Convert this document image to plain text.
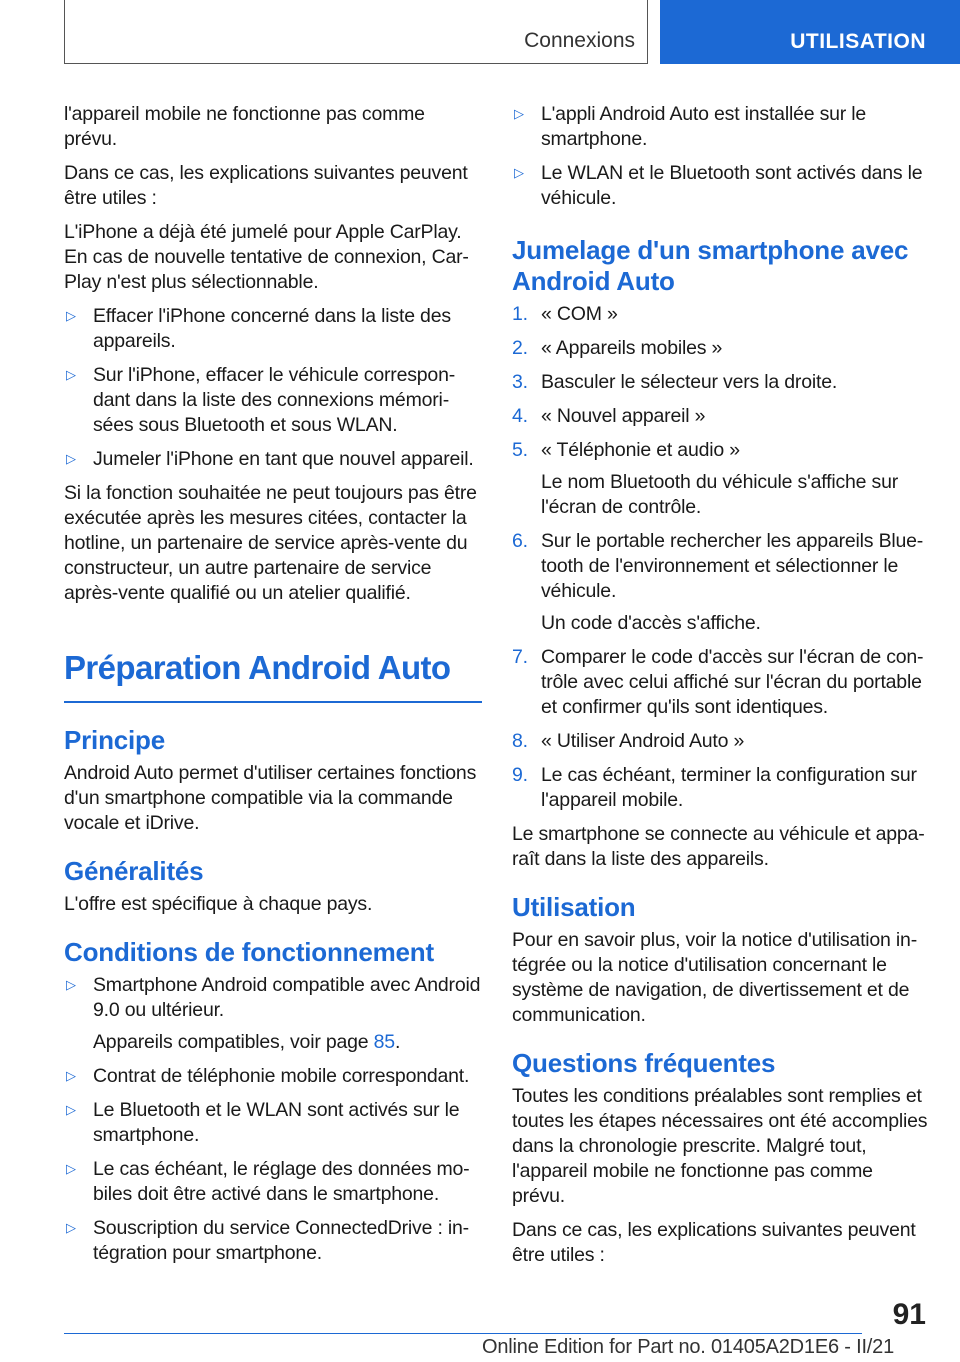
Connexions	UTILISATION

l'appareil mobile ne fonctionne pas comme prévu.

Dans ce cas, les explications suivantes peuvent être utiles :

L'iPhone a déjà été jumelé pour Apple CarPlay. En cas de nouvelle tentative de connexion, CarPlay n'est plus sélectionnable.

▷ Effacer l'iPhone concerné dans la liste des appareils.
▷ Sur l'iPhone, effacer le véhicule correspondant dans la liste des connexions mémorisées sous Bluetooth et sous WLAN.
▷ Jumeler l'iPhone en tant que nouvel appareil.

Si la fonction souhaitée ne peut toujours pas être exécutée après les mesures citées, contacter la hotline, un partenaire de service après-vente du constructeur, un autre partenaire de service après-vente qualifié ou un atelier qualifié.

Préparation Android Auto
Principe

Android Auto permet d'utiliser certaines fonctions d'un smartphone compatible via la commande vocale et iDrive.

Généralités

L'offre est spécifique à chaque pays.

Conditions de fonctionnement
▷ Smartphone Android compatible avec Android 9.0 ou ultérieur.
Appareils compatibles, voir page 85.
▷ Contrat de téléphonie mobile correspondant.
▷ Le Bluetooth et le WLAN sont activés sur le smartphone.
▷ Le cas échéant, le réglage des données mobiles doit être activé dans le smartphone.
▷ Souscription du service ConnectedDrive : intégration pour smartphone.
▷ L'appli Android Auto est installée sur le smartphone.
▷ Le WLAN et le Bluetooth sont activés dans le véhicule.
Jumelage d'un smartphone avec Android Auto
1. « COM »
2. « Appareils mobiles »
3. Basculer le sélecteur vers la droite.
4. « Nouvel appareil »
5. « Téléphonie et audio »
Le nom Bluetooth du véhicule s'affiche sur l'écran de contrôle.
6. Sur le portable rechercher les appareils Bluetooth de l'environnement et sélectionner le véhicule.
Un code d'accès s'affiche.
7. Comparer le code d'accès sur l'écran de contrôle avec celui affiché sur l'écran du portable et confirmer qu'ils sont identiques.
8. « Utiliser Android Auto »
9. Le cas échéant, terminer la configuration sur l'appareil mobile.

Le smartphone se connecte au véhicule et apparaît dans la liste des appareils.

Utilisation

Pour en savoir plus, voir la notice d'utilisation intégrée ou la notice d'utilisation concernant le système de navigation, de divertissement et de communication.

Questions fréquentes

Toutes les conditions préalables sont remplies et toutes les étapes nécessaires ont été accomplies dans la chronologie prescrite. Malgré tout, l'appareil mobile ne fonctionne pas comme prévu.

Dans ce cas, les explications suivantes peuvent être utiles :

91
Online Edition for Part no. 01405A2D1E6 - II/21
